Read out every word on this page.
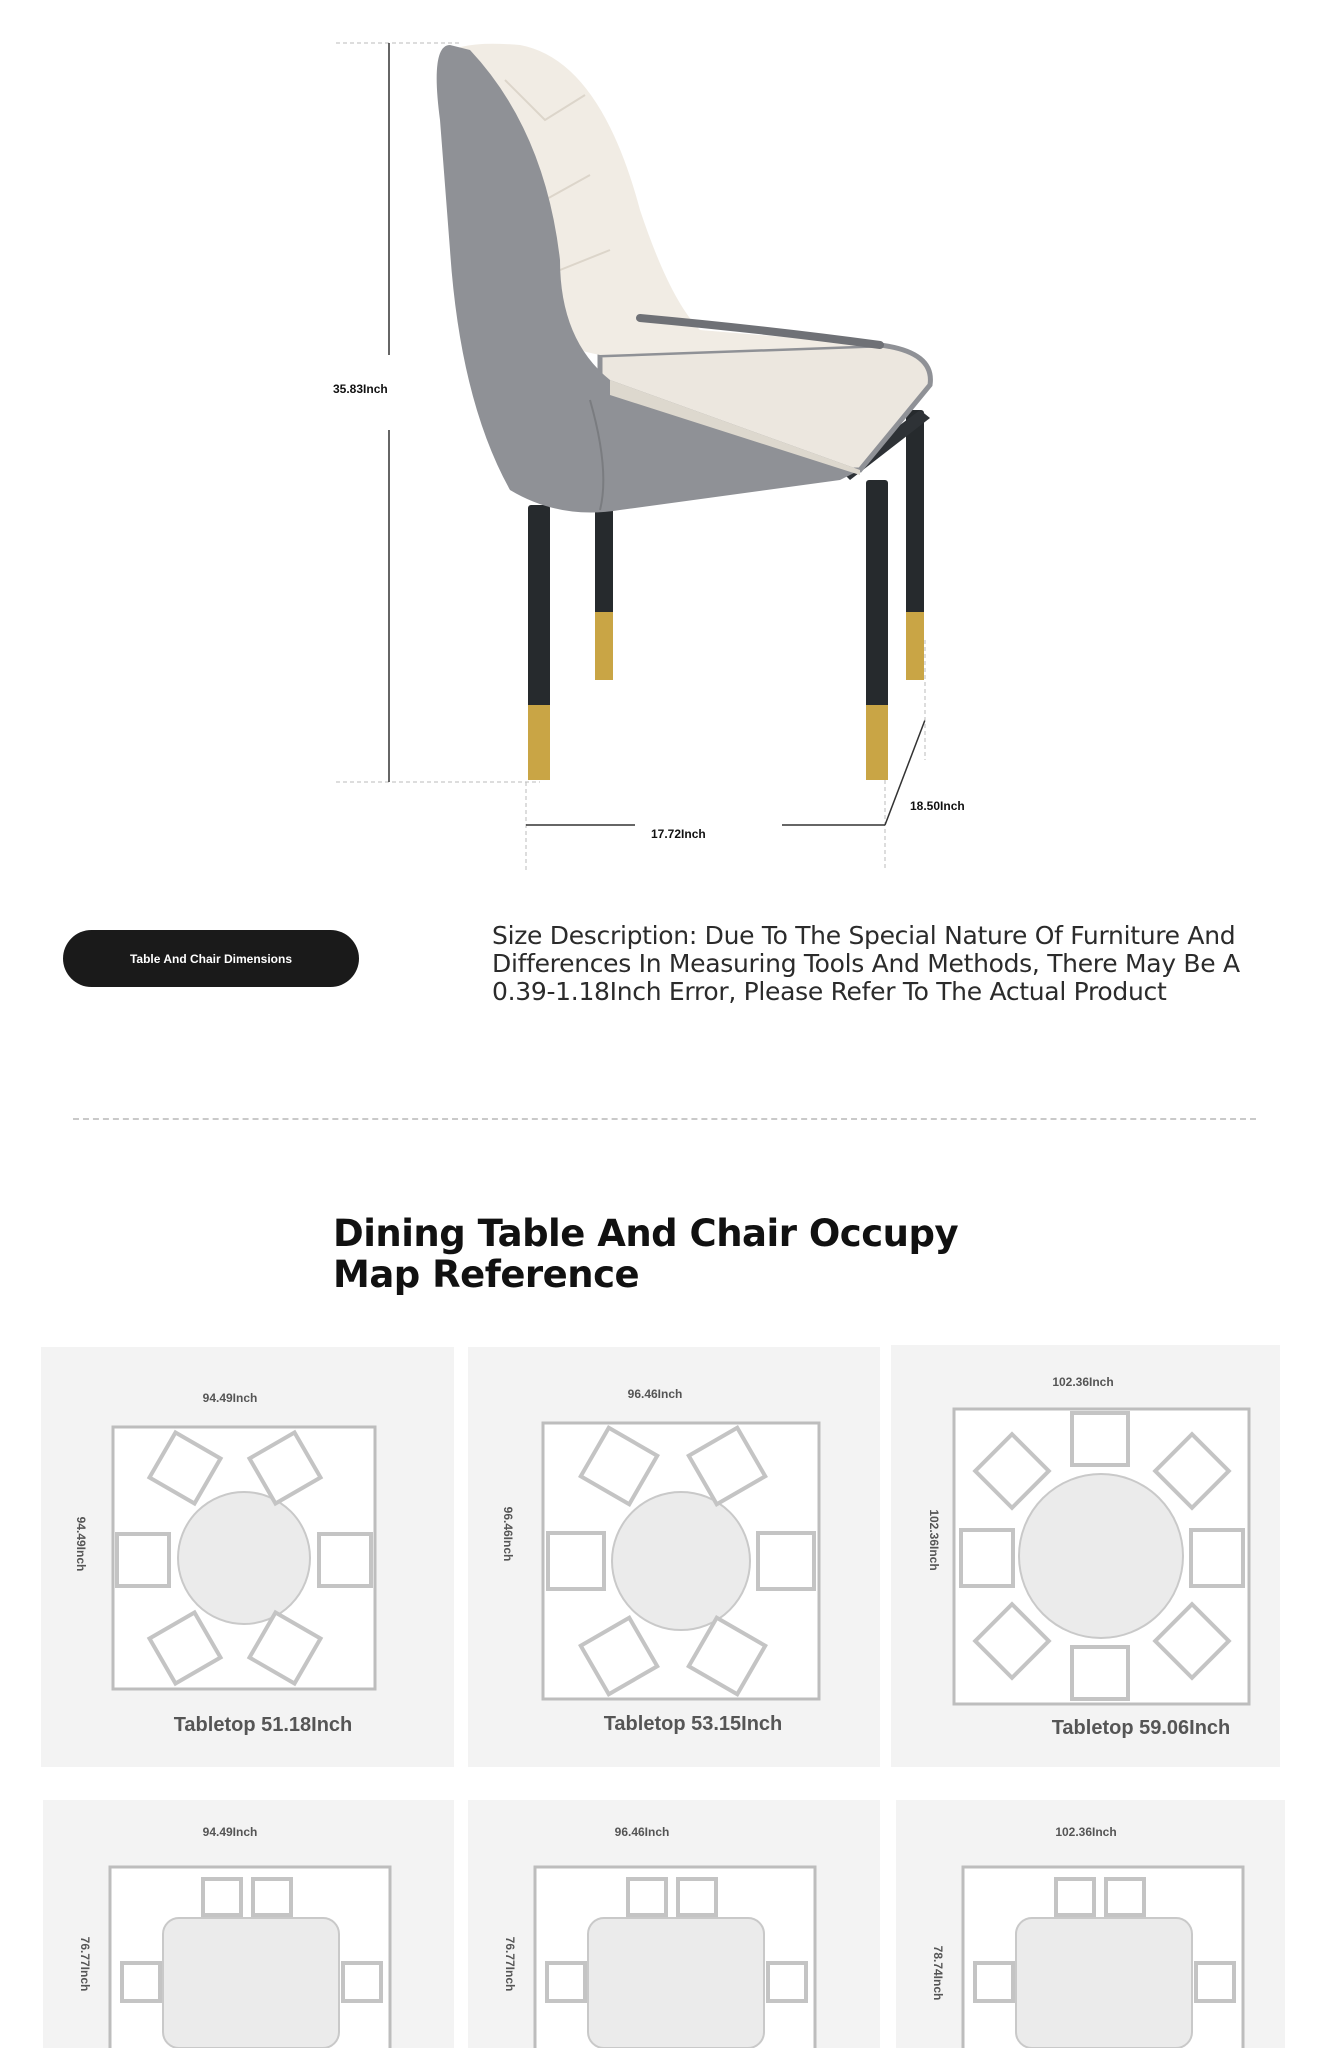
35.83Inch
17.72Inch
18.50Inch
Table And Chair Dimensions
Size Description: Due To The Special Nature Of Furniture And Differences In Measuring Tools And Methods, There May Be A 0.39-1.18Inch Error, Please Refer To The Actual Product
Dining Table And Chair Occupy Map Reference
94.49Inch
94.49Inch
Tabletop 51.18Inch
96.46Inch
96.46Inch
Tabletop 53.15Inch
102.36Inch
102.36Inch
Tabletop 59.06Inch
94.49Inch
76.77Inch
96.46Inch
76.77Inch
102.36Inch
78.74Inch
